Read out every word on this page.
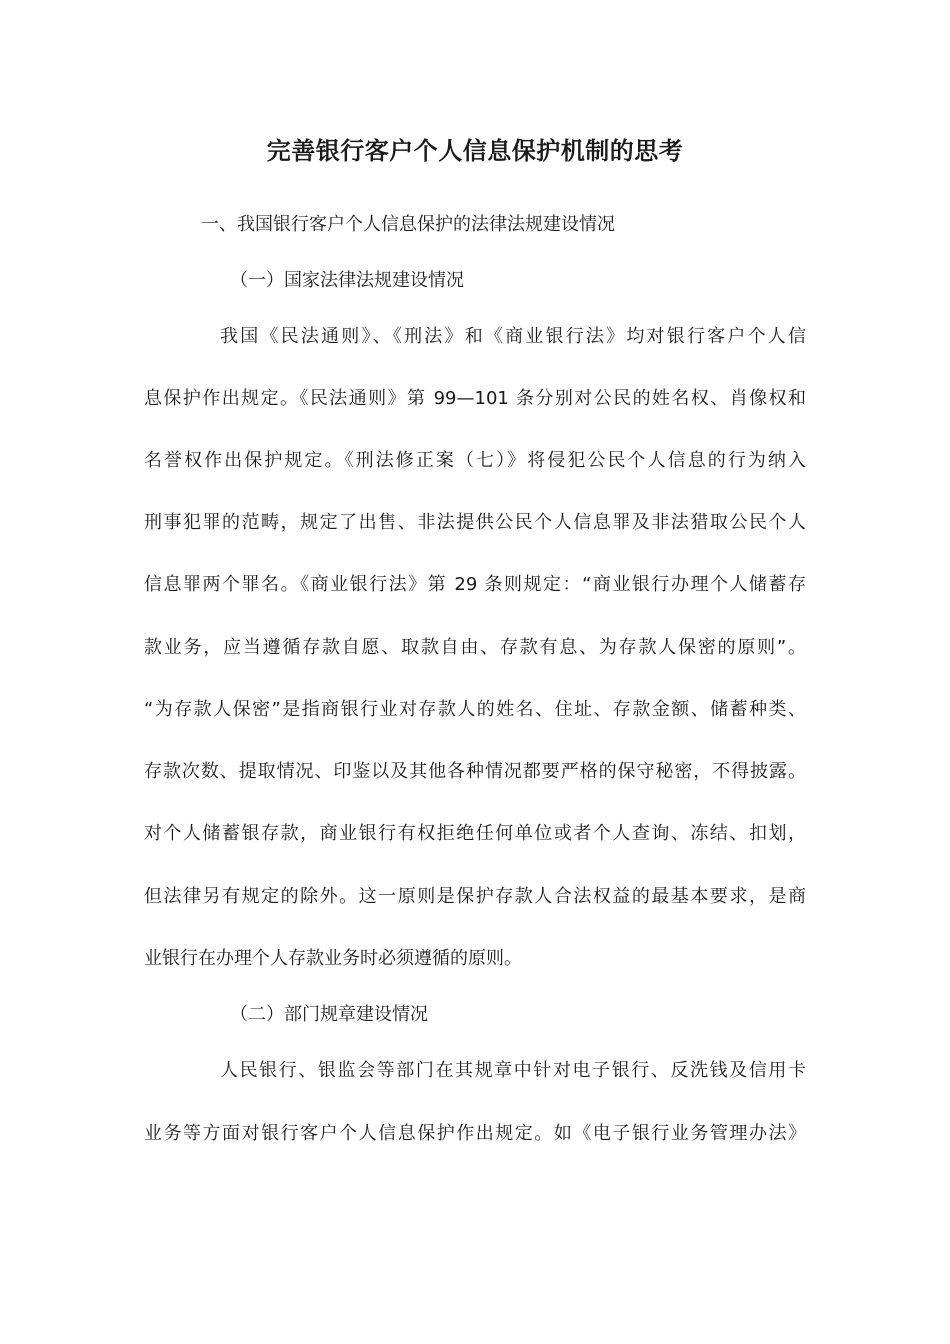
完善银行客户个人信息保护机制的思考
一、我国银行客户个人信息保护的法律法规建设情况
（一）国家法律法规建设情况
我国《民法通则》、《刑法》和《商业银行法》均对银行客户个人信
息保护作出规定。《民法通则》第 99—101 条分别对公民的姓名权、肖像权和
名誉权作出保护规定。《刑法修正案（七）》将侵犯公民个人信息的行为纳入
刑事犯罪的范畴，规定了出售、非法提供公民个人信息罪及非法猎取公民个人
信息罪两个罪名。《商业银行法》第 29 条则规定：“商业银行办理个人储蓄存
款业务，应当遵循存款自愿、取款自由、存款有息、为存款人保密的原则”。
“为存款人保密”是指商银行业对存款人的姓名、住址、存款金额、储蓄种类、
存款次数、提取情况、印鉴以及其他各种情况都要严格的保守秘密，不得披露。
对个人储蓄银存款，商业银行有权拒绝任何单位或者个人查询、冻结、扣划，
但法律另有规定的除外。这一原则是保护存款人合法权益的最基本要求，是商
业银行在办理个人存款业务时必须遵循的原则。
（二）部门规章建设情况
人民银行、银监会等部门在其规章中针对电子银行、反洗钱及信用卡
业务等方面对银行客户个人信息保护作出规定。如《电子银行业务管理办法》
